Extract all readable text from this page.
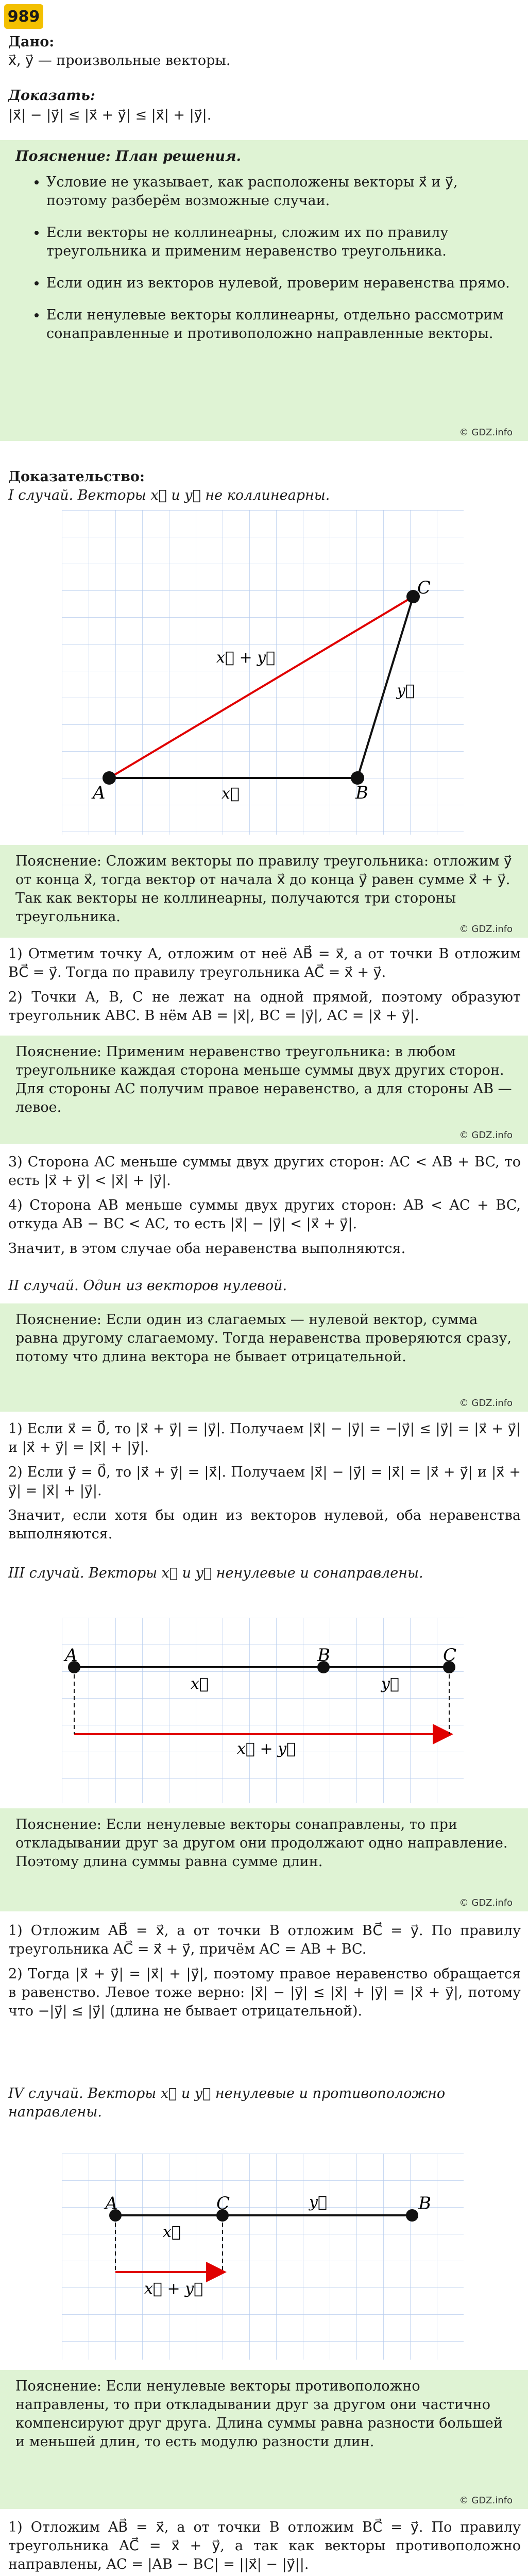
989

Дано:

x⃗, y⃗ — произвольные векторы.

Доказать:

|x⃗| − |y⃗| ≤ |x⃗ + y⃗| ≤ |x⃗| + |y⃗|.

Пояснение: План решения.

• Условие не указывает, как расположены векторы x⃗ и y⃗, поэтому разберём возможные случаи.
• Если векторы не коллинеарны, сложим их по правилу треугольника и применим неравенство треугольника.
• Если один из векторов нулевой, проверим неравенства прямо.
• Если ненулевые векторы коллинеарны, отдельно рассмотрим сонаправленные и противоположно направленные векторы.
© GDZ.info

Доказательство:

I случай. Векторы x⃗ и y⃗ не коллинеарны.

A	B
C
x⃗
y⃗
x⃗ + y⃗

Пояснение: Сложим векторы по правилу треугольника: отложим y⃗ от конца x⃗, тогда вектор от начала x⃗ до конца y⃗ равен сумме x⃗ + y⃗. Так как векторы не коллинеарны, получаются три стороны треугольника.

© GDZ.info

1) Отметим точку A, отложим от неё AB⃗ = x⃗, а от точки B отложим BC⃗ = y⃗. Тогда по правилу треугольника AC⃗ = x⃗ + y⃗.

2) Точки A, B, C не лежат на одной прямой, поэтому образуют треугольник ABC. В нём AB = |x⃗|, BC = |y⃗|, AC = |x⃗ + y⃗|.

Пояснение: Применим неравенство треугольника: в любом треугольнике каждая сторона меньше суммы двух других сторон. Для стороны AC получим правое неравенство, а для стороны AB — левое.

© GDZ.info

3) Сторона AC меньше суммы двух других сторон: AC < AB + BC, то есть |x⃗ + y⃗| < |x⃗| + |y⃗|.

4) Сторона AB меньше суммы двух других сторон: AB < AC + BC, откуда AB − BC < AC, то есть |x⃗| − |y⃗| < |x⃗ + y⃗|.

Значит, в этом случае оба неравенства выполняются.

II случай. Один из векторов нулевой.

Пояснение: Если один из слагаемых — нулевой вектор, сумма равна другому слагаемому. Тогда неравенства проверяются сразу, потому что длина вектора не бывает отрицательной.

© GDZ.info

1) Если x⃗ = 0⃗, то |x⃗ + y⃗| = |y⃗|. Получаем |x⃗| − |y⃗| = −|y⃗| ≤ |y⃗| = |x⃗ + y⃗| и |x⃗ + y⃗| = |x⃗| + |y⃗|.

2) Если y⃗ = 0⃗, то |x⃗ + y⃗| = |x⃗|. Получаем |x⃗| − |y⃗| = |x⃗| = |x⃗ + y⃗| и |x⃗ + y⃗| = |x⃗| + |y⃗|.

Значит, если хотя бы один из векторов нулевой, оба неравенства выполняются.

III случай. Векторы x⃗ и y⃗ ненулевые и сонаправлены.

A	B	C
x⃗	y⃗
x⃗ + y⃗

Пояснение: Если ненулевые векторы сонаправлены, то при откладывании друг за другом они продолжают одно направление. Поэтому длина суммы равна сумме длин.

© GDZ.info

1) Отложим AB⃗ = x⃗, а от точки B отложим BC⃗ = y⃗. По правилу треугольника AC⃗ = x⃗ + y⃗, причём AC = AB + BC.

2) Тогда |x⃗ + y⃗| = |x⃗| + |y⃗|, поэтому правое неравенство обращается в равенство. Левое тоже верно: |x⃗| − |y⃗| ≤ |x⃗| + |y⃗| = |x⃗ + y⃗|, потому что −|y⃗| ≤ |y⃗| (длина не бывает отрицательной).

IV случай. Векторы x⃗ и y⃗ ненулевые и противоположно направлены.

A	C	B
x⃗
y⃗
x⃗ + y⃗

Пояснение: Если ненулевые векторы противоположно направлены, то при откладывании друг за другом они частично компенсируют друг друга. Длина суммы равна разности большей и меньшей длин, то есть модулю разности длин.

© GDZ.info

1) Отложим AB⃗ = x⃗, а от точки B отложим BC⃗ = y⃗. По правилу треугольника AC⃗ = x⃗ + y⃗, а так как векторы противоположно направлены, AC = |AB − BC| = ||x⃗| − |y⃗||.
